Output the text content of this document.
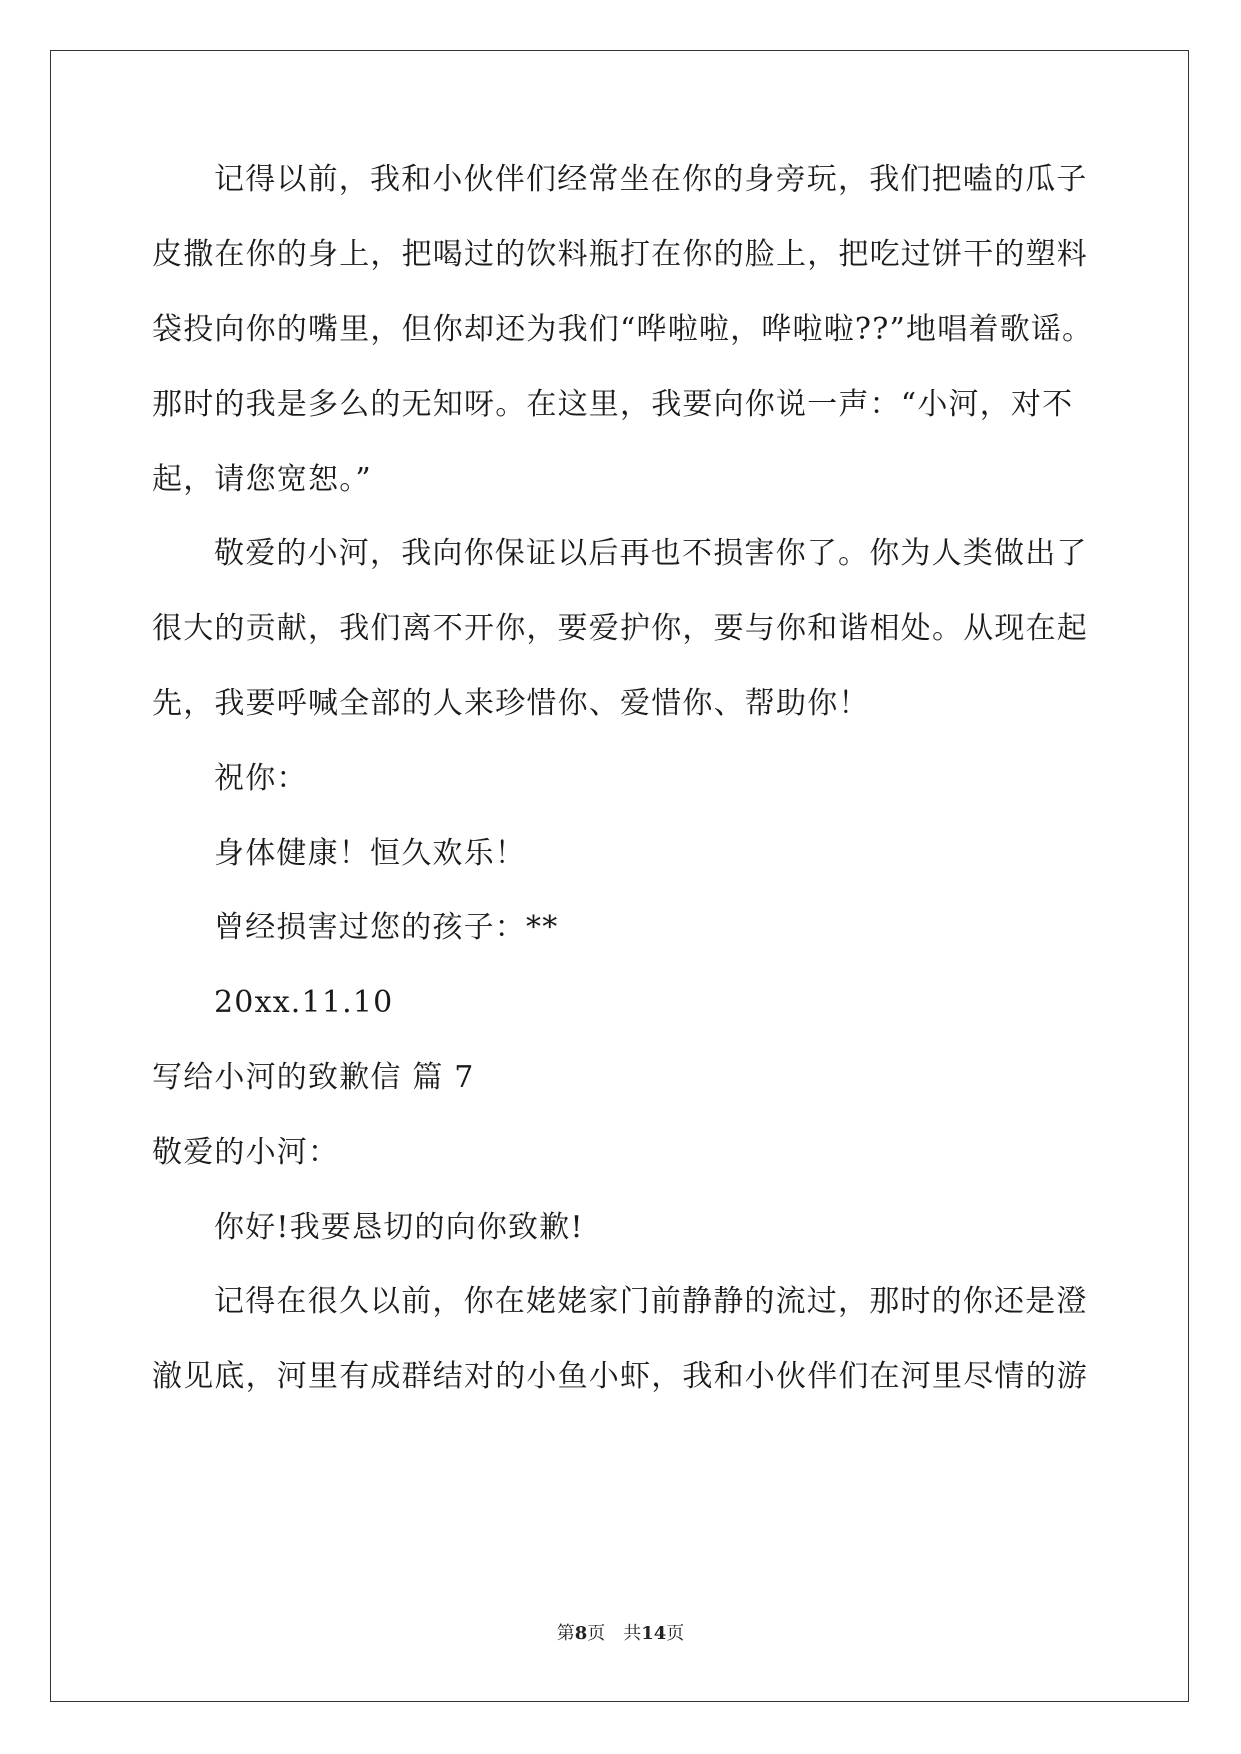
记得以前，我和小伙伴们经常坐在你的身旁玩，我们把嗑的瓜子
皮撒在你的身上，把喝过的饮料瓶打在你的脸上，把吃过饼干的塑料
袋投向你的嘴里，但你却还为我们“哗啦啦，哗啦啦??”地唱着歌谣。
那时的我是多么的无知呀。在这里，我要向你说一声：“小河，对不
起，请您宽恕。”
敬爱的小河，我向你保证以后再也不损害你了。你为人类做出了
很大的贡献，我们离不开你，要爱护你，要与你和谐相处。从现在起
先，我要呼喊全部的人来珍惜你、爱惜你、帮助你！
祝你：
身体健康！恒久欢乐！
曾经损害过您的孩子：**
20xx.11.10
写给小河的致歉信 篇 7
敬爱的小河：
你好!我要恳切的向你致歉!
记得在很久以前，你在姥姥家门前静静的流过，那时的你还是澄
澈见底，河里有成群结对的小鱼小虾，我和小伙伴们在河里尽情的游
第8页 共14页
